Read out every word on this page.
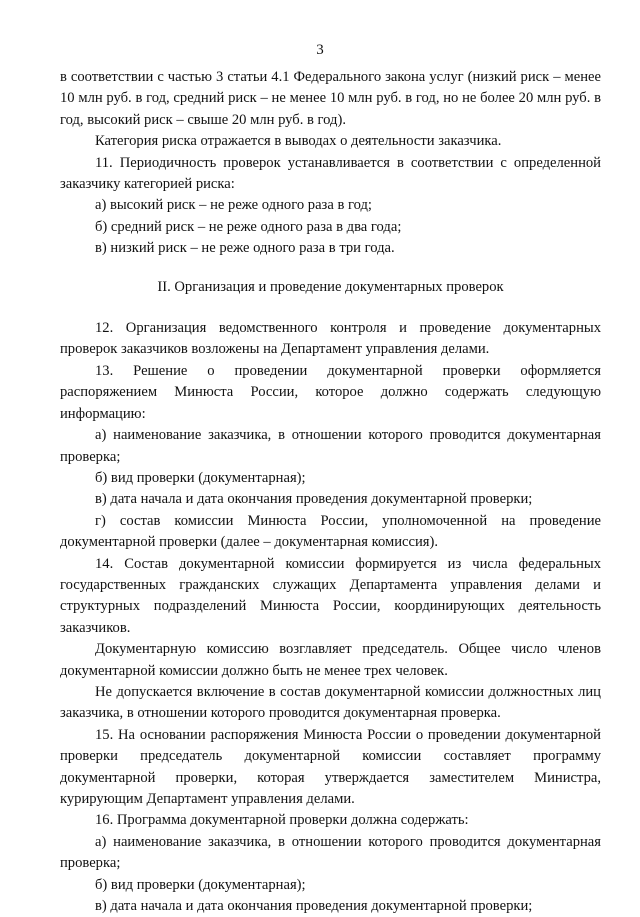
3

в соответствии с частью 3 статьи 4.1 Федерального закона услуг (низкий риск – менее 10 млн руб. в год, средний риск – не менее 10 млн руб. в год, но не более 20 млн руб. в год, высокий риск – свыше 20 млн руб. в год).

Категория риска отражается в выводах о деятельности заказчика.

11. Периодичность проверок устанавливается в соответствии с определенной заказчику категорией риска:

а) высокий риск – не реже одного раза в год;

б) средний риск – не реже одного раза в два года;

в) низкий риск – не реже одного раза в три года.

II. Организация и проведение документарных проверок

12. Организация ведомственного контроля и проведение документарных проверок заказчиков возложены на Департамент управления делами.

13. Решение о проведении документарной проверки оформляется распоряжением Минюста России, которое должно содержать следующую информацию:

а) наименование заказчика, в отношении которого проводится документарная проверка;

б) вид проверки (документарная);

в) дата начала и дата окончания проведения документарной проверки;

г) состав комиссии Минюста России, уполномоченной на проведение документарной проверки (далее – документарная комиссия).

14. Состав документарной комиссии формируется из числа федеральных государственных гражданских служащих Департамента управления делами и структурных подразделений Минюста России, координирующих деятельность заказчиков.

Документарную комиссию возглавляет председатель. Общее число членов документарной комиссии должно быть не менее трех человек.

Не допускается включение в состав документарной комиссии должностных лиц заказчика, в отношении которого проводится документарная проверка.

15. На основании распоряжения Минюста России о проведении документарной проверки председатель документарной комиссии составляет программу документарной проверки, которая утверждается заместителем Министра, курирующим Департамент управления делами.

16. Программа документарной проверки должна содержать:

а) наименование заказчика, в отношении которого проводится документарная проверка;

б) вид проверки (документарная);

в) дата начала и дата окончания проведения документарной проверки;
